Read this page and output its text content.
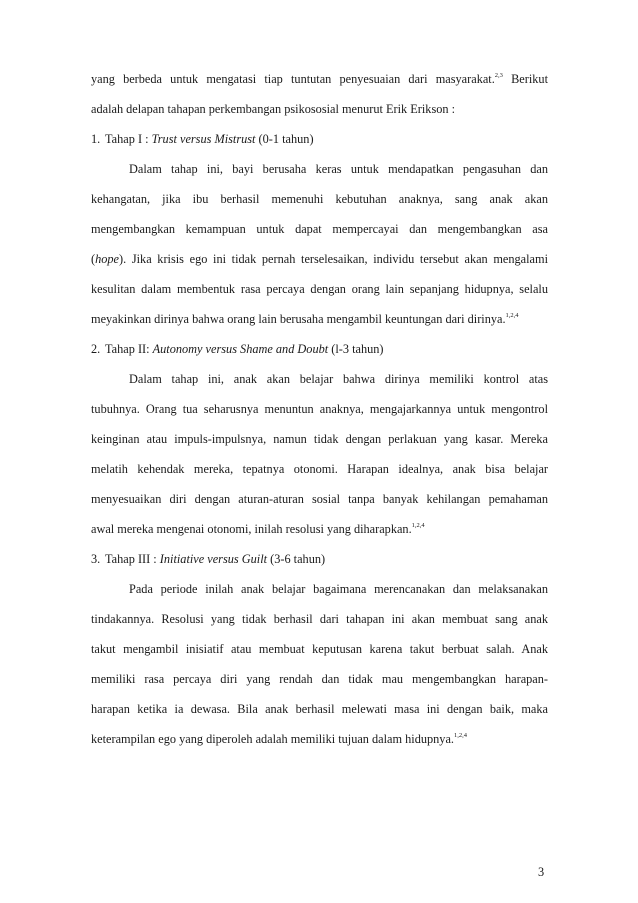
yang berbeda untuk mengatasi tiap tuntutan penyesuaian dari masyarakat.$^{2,3}$ Berikut
adalah delapan tahapan perkembangan psikososial menurut Erik Erikson :
1. Tahap I : Trust versus Mistrust (0-1 tahun)
Dalam tahap ini, bayi berusaha keras untuk mendapatkan pengasuhan dan
kehangatan, jika ibu berhasil memenuhi kebutuhan anaknya, sang anak akan
mengembangkan kemampuan untuk dapat mempercayai dan mengembangkan asa
(hope). Jika krisis ego ini tidak pernah terselesaikan, individu tersebut akan mengalami
kesulitan dalam membentuk rasa percaya dengan orang lain sepanjang hidupnya, selalu
meyakinkan dirinya bahwa orang lain berusaha mengambil keuntungan dari dirinya.$^{1,2,4}$
2. Tahap II: Autonomy versus Shame and Doubt (l-3 tahun)
Dalam tahap ini, anak akan belajar bahwa dirinya memiliki kontrol atas
tubuhnya. Orang tua seharusnya menuntun anaknya, mengajarkannya untuk mengontrol
keinginan atau impuls-impulsnya, namun tidak dengan perlakuan yang kasar. Mereka
melatih kehendak mereka, tepatnya otonomi. Harapan idealnya, anak bisa belajar
menyesuaikan diri dengan aturan-aturan sosial tanpa banyak kehilangan pemahaman
awal mereka mengenai otonomi, inilah resolusi yang diharapkan.$^{1,2,4}$
3. Tahap III : Initiative versus Guilt (3-6 tahun)
Pada periode inilah anak belajar bagaimana merencanakan dan melaksanakan
tindakannya. Resolusi yang tidak berhasil dari tahapan ini akan membuat sang anak
takut mengambil inisiatif atau membuat keputusan karena takut berbuat salah. Anak
memiliki rasa percaya diri yang rendah dan tidak mau mengembangkan harapan-
harapan ketika ia dewasa. Bila anak berhasil melewati masa ini dengan baik, maka
keterampilan ego yang diperoleh adalah memiliki tujuan dalam hidupnya.$^{1,2,4}$
3
